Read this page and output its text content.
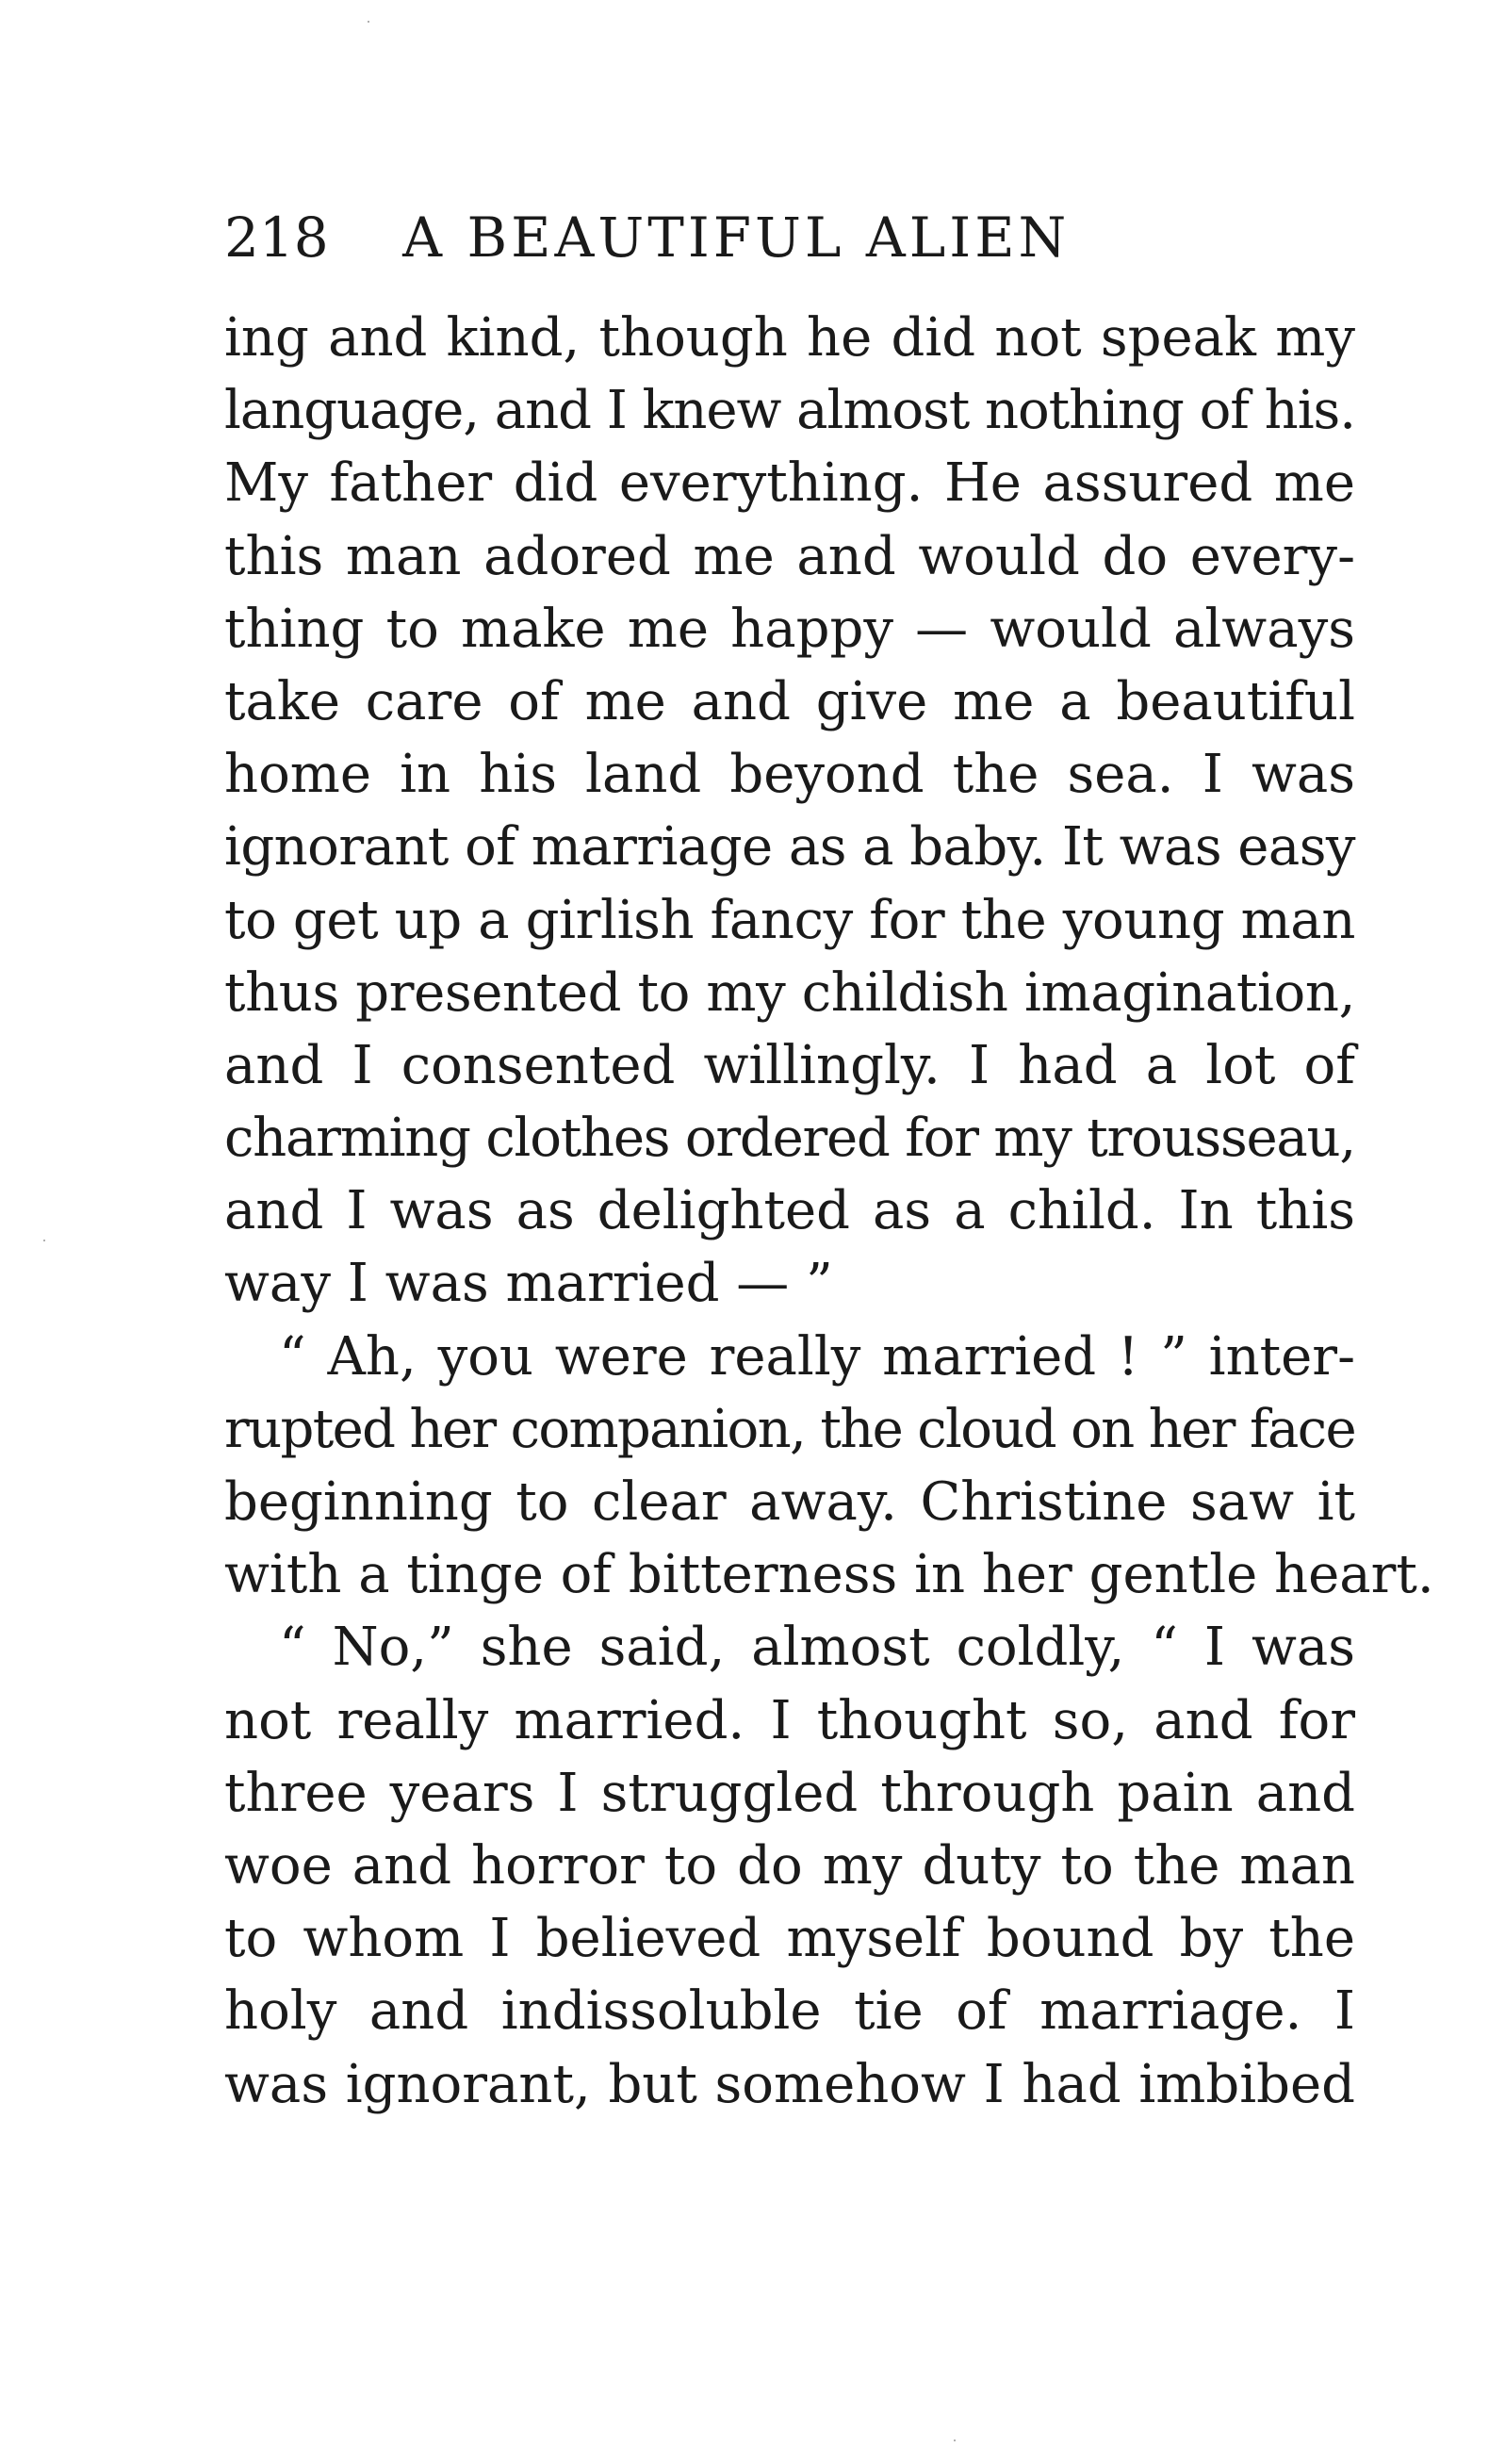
218 A BEAUTIFUL ALIEN
ing and kind, though he did not speak my
language, and I knew almost nothing of his.
My father did everything. He assured me
this man adored me and would do every-
thing to make me happy — would always
take care of me and give me a beautiful
home in his land beyond the sea. I was
ignorant of marriage as a baby. It was easy
to get up a girlish fancy for the young man
thus presented to my childish imagination,
and I consented willingly. I had a lot of
charming clothes ordered for my trousseau,
and I was as delighted as a child. In this
way I was married — ”
“ Ah, you were really married ! ” inter-
rupted her companion, the cloud on her face
beginning to clear away. Christine saw it
with a tinge of bitterness in her gentle heart.
“ No,” she said, almost coldly, “ I was
not really married. I thought so, and for
three years I struggled through pain and
woe and horror to do my duty to the man
to whom I believed myself bound by the
holy and indissoluble tie of marriage. I
was ignorant, but somehow I had imbibed
